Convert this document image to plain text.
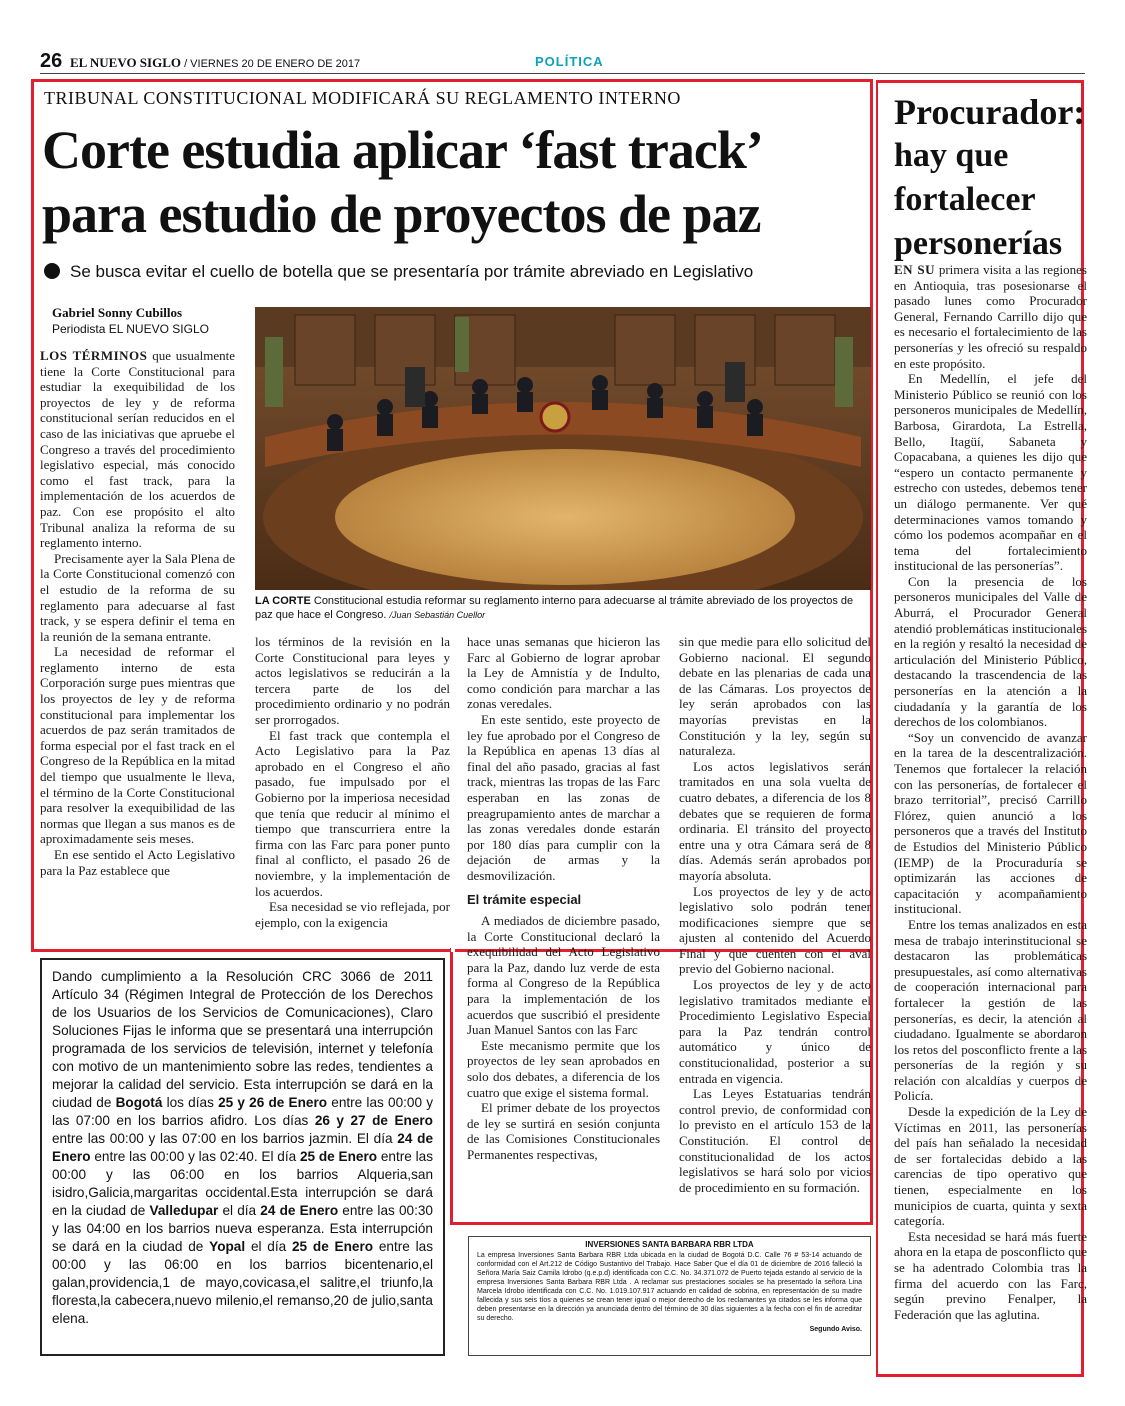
26 EL NUEVO SIGLO / VIERNES 20 DE ENERO DE 2017	POLÍTICA
TRIBUNAL CONSTITUCIONAL MODIFICARÁ SU REGLAMENTO INTERNO
Corte estudia aplicar ‘fast track’
para estudio de proyectos de paz
Se busca evitar el cuello de botella que se presentaría por trámite abreviado en Legislativo
Gabriel Sonny Cubillos
Periodista EL NUEVO SIGLO
LA CORTE Constitucional estudia reformar su reglamento interno para adecuarse al trámite abreviado de los proyectos de paz que hace el Congreso. /Juan Sebastián Cuellor

LOS TÉRMINOS que usualmente tiene la Corte Constitucional para estudiar la exequibilidad de los proyectos de ley y de reforma constitucional serían reducidos en el caso de las iniciativas que apruebe el Congreso a través del procedimiento legislativo especial, más conocido como el fast track, para la implementación de los acuerdos de paz. Con ese propósito el alto Tribunal analiza la reforma de su reglamento interno.

Precisamente ayer la Sala Plena de la Corte Constitucional comenzó con el estudio de la reforma de su reglamento para adecuarse al fast track, y se espera definir el tema en la reunión de la semana entrante.

La necesidad de reformar el reglamento interno de esta Corporación surge pues mientras que los proyectos de ley y de reforma constitucional para implementar los acuerdos de paz serán tramitados de forma especial por el fast track en el Congreso de la República en la mitad del tiempo que usualmente le lleva, el término de la Corte Constitucional para resolver la exequibilidad de las normas que llegan a sus manos es de aproximadamente seis meses.

En ese sentido el Acto Legislativo para la Paz establece que

los términos de la revisión en la Corte Constitucional para leyes y actos legislativos se reducirán a la tercera parte de los del procedimiento ordinario y no podrán ser prorrogados.

El fast track que contempla el Acto Legislativo para la Paz aprobado en el Congreso el año pasado, fue impulsado por el Gobierno por la imperiosa necesidad que tenía que reducir al mínimo el tiempo que transcurriera entre la firma con las Farc para poner punto final al conflicto, el pasado 26 de noviembre, y la implementación de los acuerdos.

Esa necesidad se vio reflejada, por ejemplo, con la exigencia

hace unas semanas que hicieron las Farc al Gobierno de lograr aprobar la Ley de Amnistía y de Indulto, como condición para marchar a las zonas veredales.

En este sentido, este proyecto de ley fue aprobado por el Congreso de la República en apenas 13 días al final del año pasado, gracias al fast track, mientras las tropas de las Farc esperaban en las zonas de preagrupamiento antes de marchar a las zonas veredales donde estarán por 180 días para cumplir con la dejación de armas y la desmovilización.

El trámite especial

A mediados de diciembre pasado, la Corte Constitucional declaró la exequibilidad del Acto Legislativo para la Paz, dando luz verde de esta forma al Congreso de la República para la implementación de los acuerdos que suscribió el presidente Juan Manuel Santos con las Farc

Este mecanismo permite que los proyectos de ley sean aprobados en solo dos debates, a diferencia de los cuatro que exige el sistema formal.

El primer debate de los proyectos de ley se surtirá en sesión conjunta de las Comisiones Constitucionales Permanentes respectivas,

sin que medie para ello solicitud del Gobierno nacional. El segundo debate en las plenarias de cada una de las Cámaras. Los proyectos de ley serán aprobados con las mayorías previstas en la Constitución y la ley, según su naturaleza.

Los actos legislativos serán tramitados en una sola vuelta de cuatro debates, a diferencia de los 8 debates que se requieren de forma ordinaria. El tránsito del proyecto entre una y otra Cámara será de 8 días. Además serán aprobados por mayoría absoluta.

Los proyectos de ley y de acto legislativo solo podrán tener modificaciones siempre que se ajusten al contenido del Acuerdo Final y que cuenten con el aval previo del Gobierno nacional.

Los proyectos de ley y de acto legislativo tramitados mediante el Procedimiento Legislativo Especial para la Paz tendrán control automático y único de constitucionalidad, posterior a su entrada en vigencia.

Las Leyes Estatuarias tendrán control previo, de conformidad con lo previsto en el artículo 153 de la Constitución. El control de constitucionalidad de los actos legislativos se hará solo por vicios de procedimiento en su formación.

Procurador:
hay que
fortalecer
personerías

EN SU primera visita a las regiones en Antioquia, tras posesionarse el pasado lunes como Procurador General, Fernando Carrillo dijo que es necesario el fortalecimiento de las personerías y les ofreció su respaldo en este propósito.

En Medellín, el jefe del Ministerio Público se reunió con los personeros municipales de Medellín, Barbosa, Girardota, La Estrella, Bello, Itagüí, Sabaneta y Copacabana, a quienes les dijo que “espero un contacto permanente y estrecho con ustedes, debemos tener un diálogo permanente. Ver qué determinaciones vamos tomando y cómo los podemos acompañar en el tema del fortalecimiento institucional de las personerías”.

Con la presencia de los personeros municipales del Valle de Aburrá, el Procurador General atendió problemáticas institucionales en la región y resaltó la necesidad de articulación del Ministerio Público, destacando la trascendencia de las personerías en la atención a la ciudadanía y la garantía de los derechos de los colombianos.

“Soy un convencido de avanzar en la tarea de la descentralización. Tenemos que fortalecer la relación con las personerías, de fortalecer el brazo territorial”, precisó Carrillo Flórez, quien anunció a los personeros que a través del Instituto de Estudios del Ministerio Público (IEMP) de la Procuraduría se optimizarán las acciones de capacitación y acompañamiento institucional.

Entre los temas analizados en esta mesa de trabajo interinstitucional se destacaron las problemáticas presupuestales, así como alternativas de cooperación internacional para fortalecer la gestión de las personerías, es decir, la atención al ciudadano. Igualmente se abordaron los retos del posconflicto frente a las personerías de la región y su relación con alcaldías y cuerpos de Policía.

Desde la expedición de la Ley de Víctimas en 2011, las personerías del país han señalado la necesidad de ser fortalecidas debido a las carencias de tipo operativo que tienen, especialmente en los municipios de cuarta, quinta y sexta categoría.

Esta necesidad se hará más fuerte ahora en la etapa de posconflicto que se ha adentrado Colombia tras la firma del acuerdo con las Farc, según previno Fenalper, la Federación que las aglutina.

Dando cumplimiento a la Resolución CRC 3066 de 2011 Artículo 34 (Régimen Integral de Protección de los Derechos de los Usuarios de los Servicios de Comunicaciones), Claro Soluciones Fijas le informa que se presentará una interrupción programada de los servicios de televisión, internet y telefonía con motivo de un mantenimiento sobre las redes, tendientes a mejorar la calidad del servicio. Esta interrupción se dará en la ciudad de Bogotá los días 25 y 26 de Enero entre las 00:00 y las 07:00 en los barrios afidro. Los días 26 y 27 de Enero entre las 00:00 y las 07:00 en los barrios jazmin. El día 24 de Enero entre las 00:00 y las 02:40. El día 25 de Enero entre las 00:00 y las 06:00 en los barrios Alqueria,san isidro,Galicia,margaritas occidental.Esta interrupción se dará en la ciudad de Valledupar el día 24 de Enero entre las 00:30 y las 04:00 en los barrios nueva esperanza. Esta interrupción se dará en la ciudad de Yopal el día 25 de Enero entre las 00:00 y las 06:00 en los barrios bicentenario,el galan,providencia,1 de mayo,covicasa,el salitre,el triunfo,la floresta,la cabecera,nuevo milenio,el remanso,20 de julio,santa elena.
INVERSIONES SANTA BARBARA RBR LTDA
La empresa Inversiones Santa Barbara RBR Ltda ubicada en la ciudad de Bogotá D.C. Calle 76 # 53-14 actuando de conformidad con el Art.212 de Código Sustantivo del Trabajo. Hace Saber Que el día 01 de diciembre de 2016 falleció la Señora María Saiz Camila Idrobo (q.e.p.d) identificada con C.C. No. 34.371.072 de Puerto tejada estando al servicio de la empresa Inversiones Santa Barbara RBR Ltda . A reclamar sus prestaciones sociales se ha presentado la señora Lina Marcela Idrobo identificada con C.C. No. 1.019.107.917 actuando en calidad de sobrina, en representación de su madre fallecida y sus seis tíos a quienes se crean tener igual o mejor derecho de los reclamantes ya citados se les informa que deben presentarse en la dirección ya anunciada dentro del término de 30 días siguientes a la fecha con el fin de acreditar su derecho.
Segundo Aviso.
